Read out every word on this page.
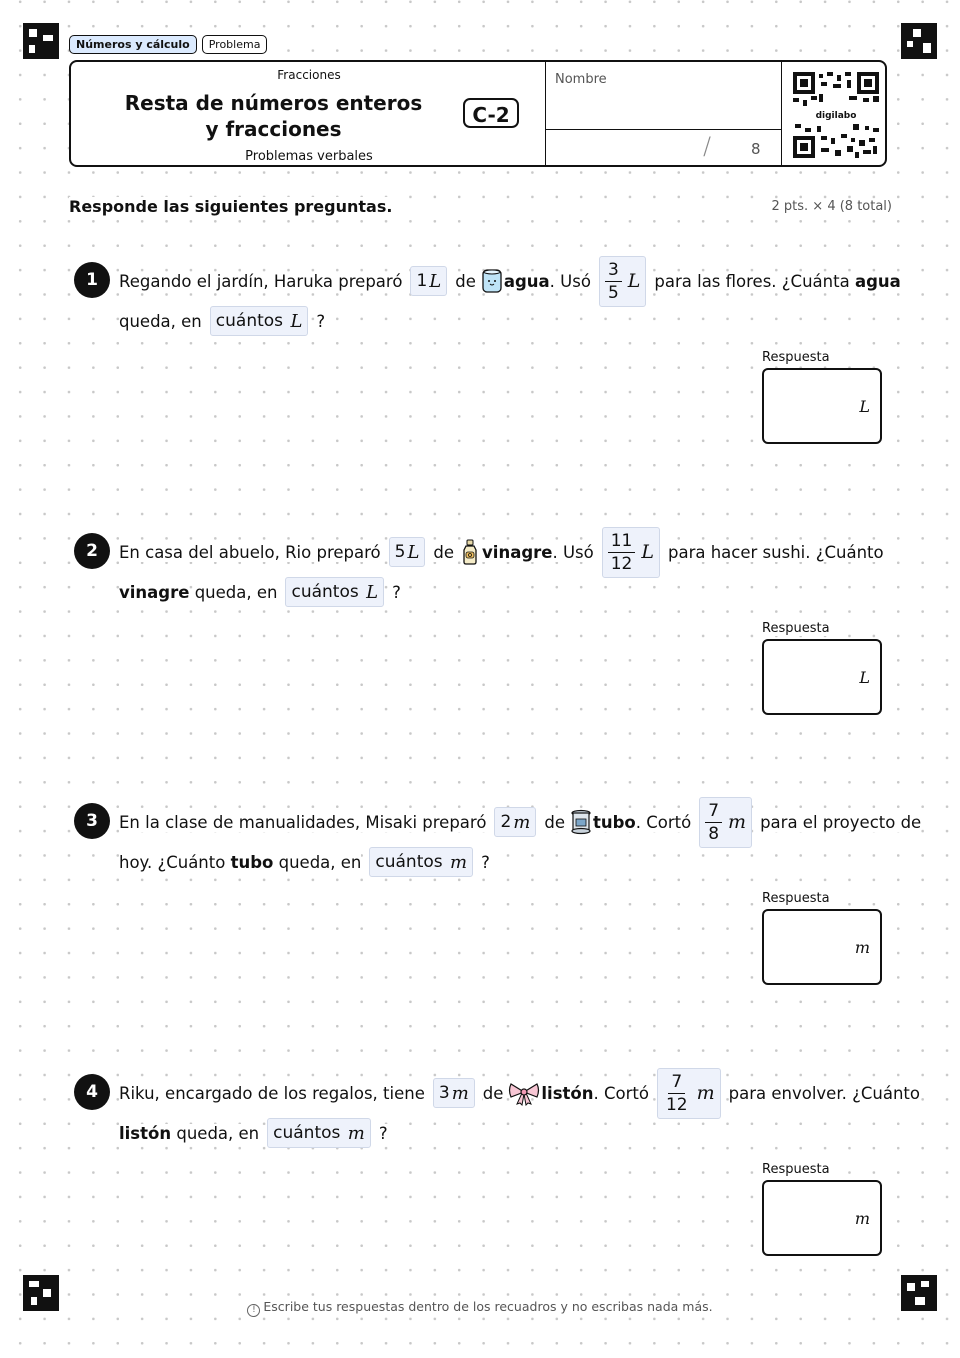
Números y cálculo	Problema
Fracciones
Resta de números enteros y fracciones
Problemas verbales
C-2
Nombre
/	8
digilabo
Responde las siguientes preguntas.	2 pts. × 4 (8 total)
1	Regando el jardín, Haruka preparó 1 L de agua . Usó $\frac{3}{5}$ L para las flores. ¿Cuánta
agua
queda, en cuántos
L ?
Respuesta
L
2	En casa del abuelo, Rio preparó 5 L de vinagre . Usó $\frac{11}{12}$ L para hacer sushi. ¿Cuánto
vinagre
queda, en cuántos
L ?
Respuesta
L
3	En la clase de manualidades, Misaki preparó 2 m de tubo . Cortó $\frac{7}{8}$ m para el proyecto de
hoy. ¿Cuánto
tubo
queda, en cuántos
m ?
Respuesta
m
4	Riku, encargado de los regalos, tiene 3 m de listón . Cortó $\frac{7}{12}$ m para envolver. ¿Cuánto
listón
queda, en cuántos
m ?
Respuesta
m
! Escribe tus respuestas dentro de los recuadros y no escribas nada más.
